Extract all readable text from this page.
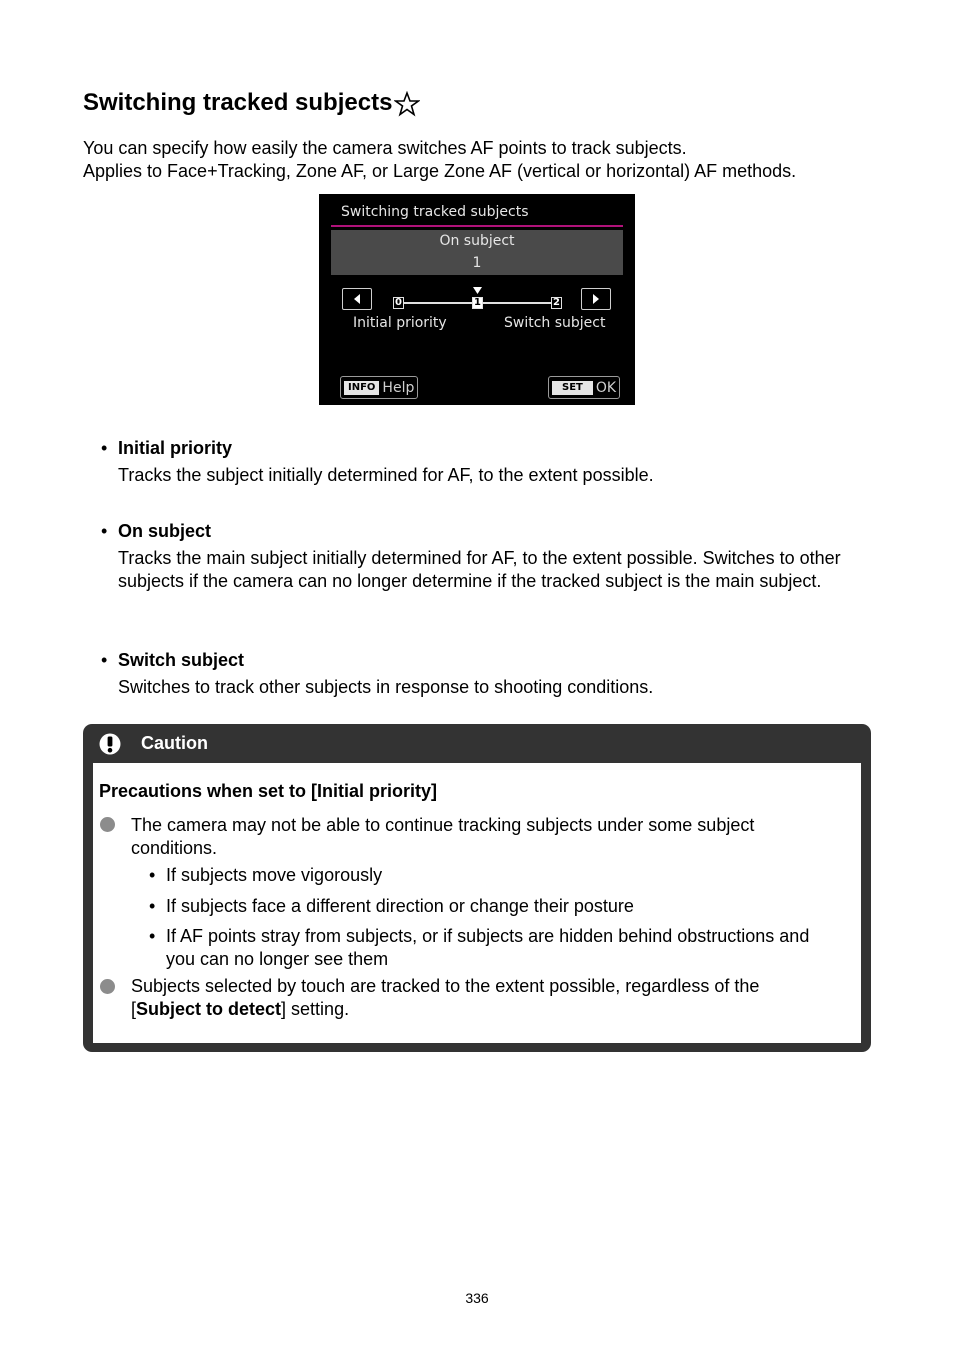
Switching tracked subjects
You can specify how easily the camera switches AF points to track subjects.
Applies to Face+Tracking, Zone AF, or Large Zone AF (vertical or horizontal) AF methods.
Switching tracked subjects
On subject
1
0	1	2
Initial priority	Switch subject
INFO Help	SET OK
• Initial priority
Tracks the subject initially determined for AF, to the extent possible.
• On subject
Tracks the main subject initially determined for AF, to the extent possible. Switches to other subjects if the camera can no longer determine if the tracked subject is the main subject.
• Switch subject
Switches to track other subjects in response to shooting conditions.
Caution
Precautions when set to [Initial priority]
The camera may not be able to continue tracking subjects under some subject conditions.
• If subjects move vigorously
• If subjects face a different direction or change their posture
• If AF points stray from subjects, or if subjects are hidden behind obstructions and you can no longer see them
Subjects selected by touch are tracked to the extent possible, regardless of the [Subject to detect] setting.
336
